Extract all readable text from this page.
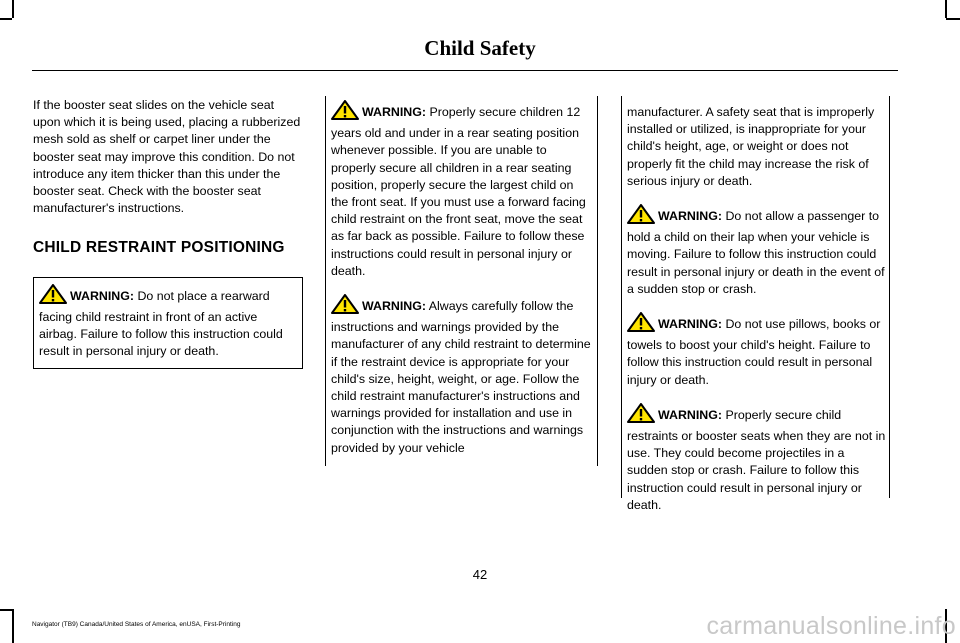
Child Safety

If the booster seat slides on the vehicle seat upon which it is being used, placing a rubberized mesh sold as shelf or carpet liner under the booster seat may improve this condition. Do not introduce any item thicker than this under the booster seat. Check with the booster seat manufacturer's instructions.

CHILD RESTRAINT POSITIONING
WARNING: Do not place a rearward facing child restraint in front of an active airbag. Failure to follow this instruction could result in personal injury or death.
WARNING: Properly secure children 12 years old and under in a rear seating position whenever possible. If you are unable to properly secure all children in a rear seating position, properly secure the largest child on the front seat. If you must use a forward facing child restraint on the front seat, move the seat as far back as possible. Failure to follow these instructions could result in personal injury or death.
WARNING: Always carefully follow the instructions and warnings provided by the manufacturer of any child restraint to determine if the restraint device is appropriate for your child's size, height, weight, or age. Follow the child restraint manufacturer's instructions and warnings provided for installation and use in conjunction with the instructions and warnings provided by your vehicle

manufacturer. A safety seat that is improperly installed or utilized, is inappropriate for your child's height, age, or weight or does not properly fit the child may increase the risk of serious injury or death.

WARNING: Do not allow a passenger to hold a child on their lap when your vehicle is moving. Failure to follow this instruction could result in personal injury or death in the event of a sudden stop or crash.
WARNING: Do not use pillows, books or towels to boost your child's height. Failure to follow this instruction could result in personal injury or death.
WARNING: Properly secure child restraints or booster seats when they are not in use. They could become projectiles in a sudden stop or crash. Failure to follow this instruction could result in personal injury or death.
42
Navigator (TB9) Canada/United States of America, enUSA, First-Printing	carmanualsonline.info
